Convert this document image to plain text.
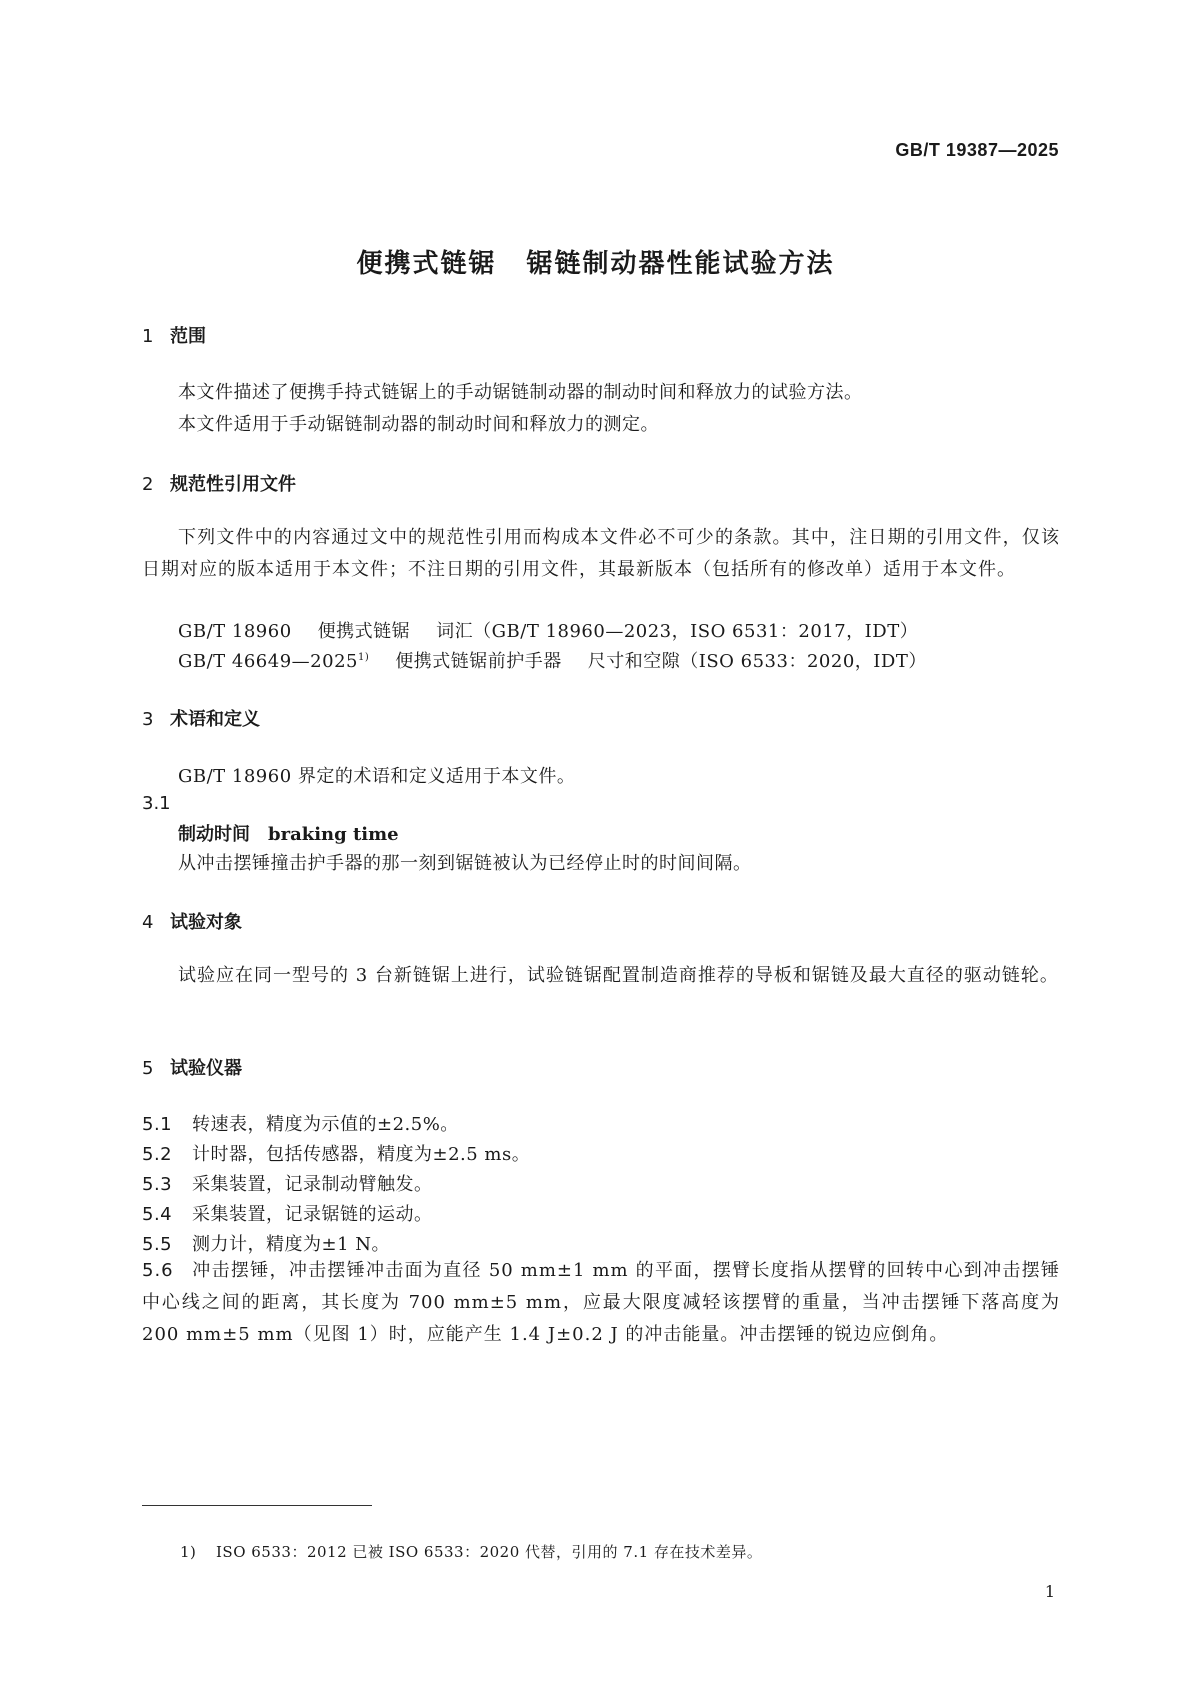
GB/T 19387—2025
便携式链锯 锯链制动器性能试验方法
1 范围
本文件描述了便携手持式链锯上的手动锯链制动器的制动时间和释放力的试验方法。
本文件适用于手动锯链制动器的制动时间和释放力的测定。
2 规范性引用文件
下列文件中的内容通过文中的规范性引用而构成本文件必不可少的条款。其中，注日期的引用文件，仅该日期对应的版本适用于本文件；不注日期的引用文件，其最新版本（包括所有的修改单）适用于本文件。
GB/T 18960 便携式链锯 词汇（GB/T 18960—2023，ISO 6531：2017，IDT）
GB/T 46649—2025$^{1)}$ 便携式链锯前护手器 尺寸和空隙（ISO 6533：2020，IDT）
3 术语和定义
GB/T 18960 界定的术语和定义适用于本文件。
3.1
制动时间 braking time
从冲击摆锤撞击护手器的那一刻到锯链被认为已经停止时的时间间隔。
4 试验对象
试验应在同一型号的 3 台新链锯上进行，试验链锯配置制造商推荐的导板和锯链及最大直径的驱动链轮。
5 试验仪器
5.1 转速表，精度为示值的±2.5%。
5.2 计时器，包括传感器，精度为±2.5 ms。
5.3 采集装置，记录制动臂触发。
5.4 采集装置，记录锯链的运动。
5.5 测力计，精度为±1 N。
5.6 冲击摆锤，冲击摆锤冲击面为直径 50 mm±1 mm 的平面，摆臂长度指从摆臂的回转中心到冲击摆锤中心线之间的距离，其长度为 700 mm±5 mm，应最大限度减轻该摆臂的重量，当冲击摆锤下落高度为 200 mm±5 mm（见图 1）时，应能产生 1.4 J±0.2 J 的冲击能量。冲击摆锤的锐边应倒角。
1) ISO 6533：2012 已被 ISO 6533：2020 代替，引用的 7.1 存在技术差异。
1
